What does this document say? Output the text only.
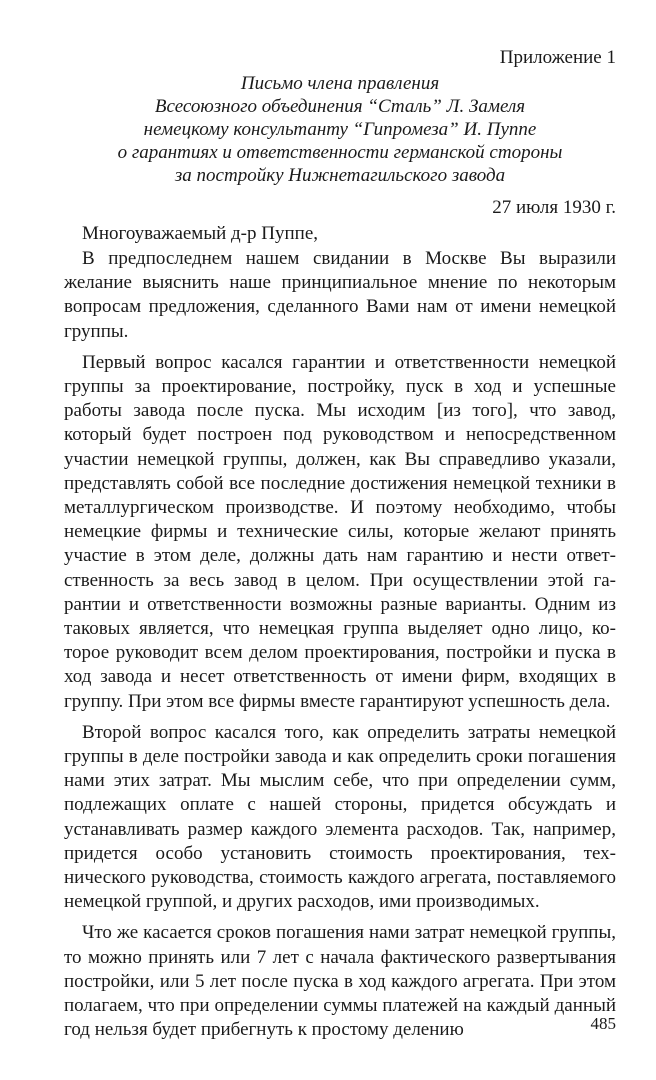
Приложение 1
Письмо члена правления
Всесоюзного объединения “Сталь” Л. Замеля
немецкому консультанту “Гипромеза” И. Пуппе
о гарантиях и ответственности германской стороны
за постройку Нижнетагильского завода
27 июля 1930 г.
Многоуважаемый д-р Пуппе,

В предпоследнем нашем свидании в Москве Вы выразили желание выяснить наше принципиальное мнение по некоторым вопросам предложения, сделанного Вами нам от имени немецкой группы.

Первый вопрос касался гарантии и ответственности немецкой группы за проектирование, постройку, пуск в ход и успешные работы завода после пуска. Мы исходим [из того], что завод, который будет построен под руководством и непосредственном участии немецкой группы, должен, как Вы справедливо указали, представлять собой все последние достижения немецкой техники в металлургическом производстве. И поэтому необходимо, чтобы немецкие фирмы и технические силы, которые желают принять участие в этом деле, должны дать нам гарантию и нести ответственность за весь завод в целом. При осуществлении этой гарантии и ответственности возможны разные варианты. Одним из таковых является, что немецкая группа выделяет одно лицо, которое руководит всем делом проектирования, постройки и пуска в ход завода и несет ответственность от имени фирм, входящих в группу. При этом все фирмы вместе гарантируют успешность дела.

Второй вопрос касался того, как определить затраты немецкой группы в деле постройки завода и как определить сроки погашения нами этих затрат. Мы мыслим себе, что при определении сумм, подлежащих оплате с нашей стороны, придется обсуждать и устанавливать размер каждого элемента расходов. Так, например, придется особо установить стоимость проектирования, технического руководства, стоимость каждого агрегата, поставляемого немецкой группой, и других расходов, ими производимых.

Что же касается сроков погашения нами затрат немецкой группы, то можно принять или 7 лет с начала фактического развертывания постройки, или 5 лет после пуска в ход каждого агрегата. При этом полагаем, что при определении суммы платежей на каждый данный год нельзя будет прибегнуть к простому делению	485
